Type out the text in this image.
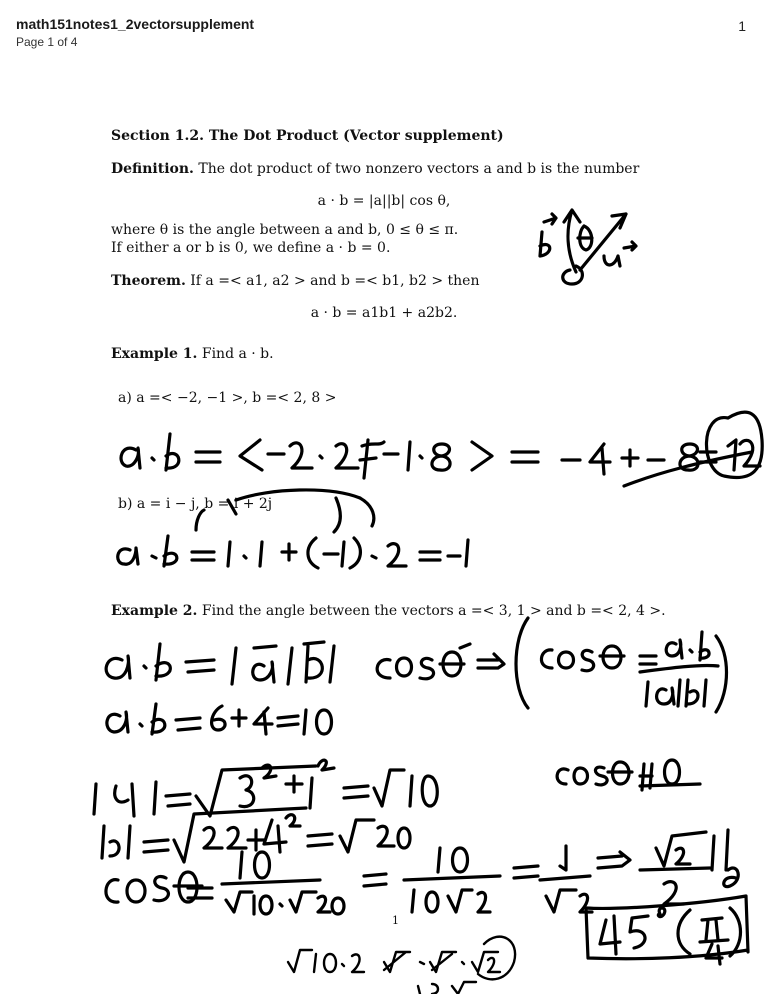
math151notes1_2vectorsupplement
Page 1 of 4
1
Section 1.2. The Dot Product (Vector supplement)
Definition. The dot product of two nonzero vectors a and b is the number
a · b = |a||b| cos θ,
where θ is the angle between a and b, 0 ≤ θ ≤ π.
If either a or b is 0, we define a · b = 0.
Theorem. If a =< a1, a2 > and b =< b1, b2 > then
a · b = a1b1 + a2b2.
Example 1. Find a · b.
a) a =< −2, −1 >, b =< 2, 8 >
b) a = i − j, b = i + 2j
Example 2. Find the angle between the vectors a =< 3, 1 > and b =< 2, 4 >.
1
